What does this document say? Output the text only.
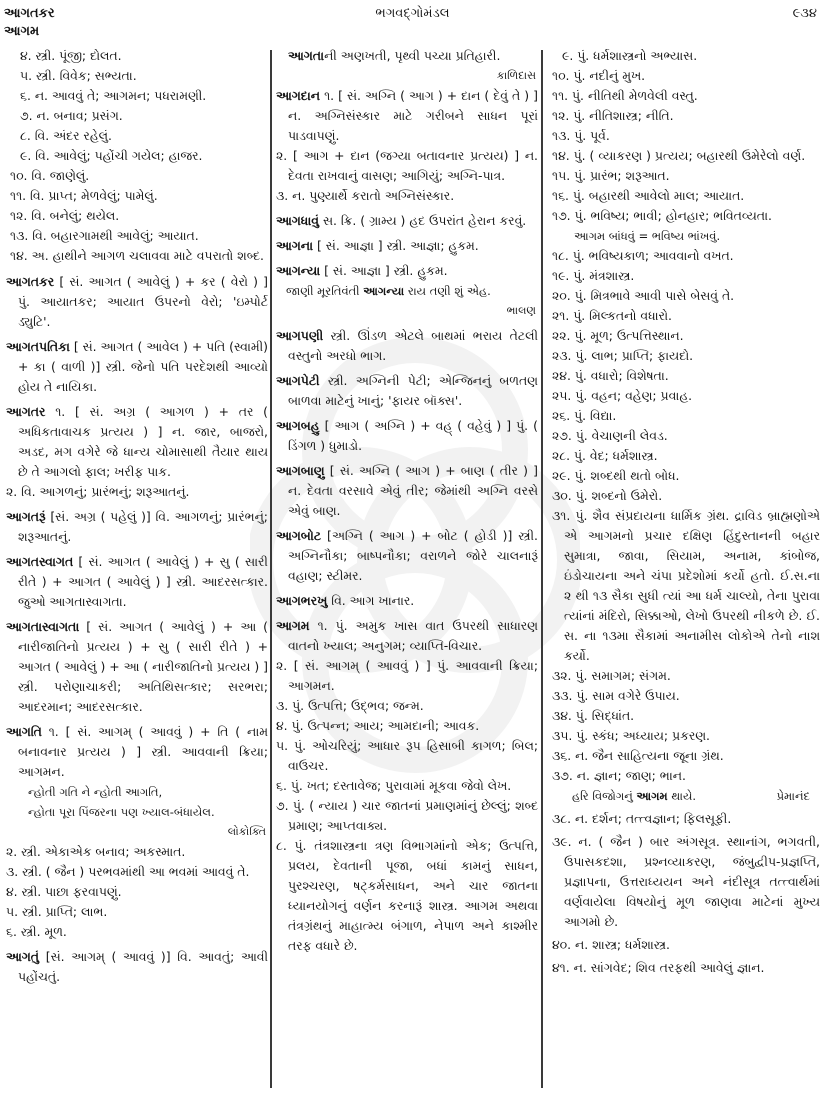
આગતકર	ભગવદ્ગોમંડલ	૯૩૪
આગમ
૪. સ્ત્રી. પૂંજી; દોલત.
૫. સ્ત્રી. વિવેક; સભ્યતા.
૬. ન. આવવું તે; આગમન; પધરામણી.
૭. ન. બનાવ; પ્રસંગ.
૮. વિ. અંદર રહેલું.
૯. વિ. આવેલું; પહોંચી ગયેલ; હાજર.
૧૦. વિ. જાણેલું.
૧૧. વિ. પ્રાપ્ત; મેળવેલું; પામેલું.
૧૨. વિ. બનેલું; થયેલ.
૧૩. વિ. બહારગામથી આવેલું; આયાત.
૧૪. અ. હાથીને આગળ ચલાવવા માટે વપરાતો શબ્દ.
આગતકર [ સં. આગત ( આવેલું ) + કર ( વેરો ) ] પું. આયાતકર; આયાત ઉપરનો વેરો; 'ઇમ્પોર્ટ ડ્યુટિ'.
આગતપતિકા [ સં. આગત ( આવેલ ) + પતિ (સ્વામી) + કા ( વાળી )] સ્ત્રી. જેનો પતિ પરદેશથી આવ્યો હોય તે નાયિકા.
આગતર ૧. [ સં. અગ્ર ( આગળ ) + તર ( અધિકતાવાચક પ્રત્યય ) ] ન. જાર, બાજરો, અડદ, મગ વગેરે જે ધાન્ય ચોમાસાથી તૈયાર થાય છે તે આગલો ફાલ; ખરીફ પાક.
૨. વિ. આગળનું; પ્રારંભનું; શરૂઆતનું.
આગતરૂં [સં. અગ્ર ( પહેલું )] વિ. આગળનું; પ્રારંભનું; શરૂઆતનું.
આગતસ્વાગત [ સં. આગત ( આવેલું ) + સુ ( સારી રીતે ) + આગત ( આવેલું ) ] સ્ત્રી. આદરસત્કાર. જુઓ આગતાસ્વાગતા.
આગતાસ્વાગતા [ સં. આગત ( આવેલું ) + આ ( નારીજાતિનો પ્રત્યય ) + સુ ( સારી રીતે ) + આગત ( આવેલું ) + આ ( નારીજાતિનો પ્રત્યય ) ] સ્ત્રી. પરોણાચાકરી; અતિથિસત્કાર; સરભરા; આદરમાન; આદરસત્કાર.
આગતિ ૧. [ સં. આગમ્ ( આવવું ) + તિ ( નામ બનાવનાર પ્રત્યય ) ] સ્ત્રી. આવવાની ક્રિયા; આગમન.
ન્હોતી ગતિ ને ન્હોતી આગતિ,
ન્હોતા પૂરા પિંજરના પણ ખ્યાલ-બંધાયેલ.
લોકોક્તિ
૨. સ્ત્રી. એકાએક બનાવ; અકસ્માત.
૩. સ્ત્રી. ( જૈન ) પરભવમાંથી આ ભવમાં આવવું તે.
૪. સ્ત્રી. પાછા ફરવાપણું.
૫. સ્ત્રી. પ્રાપ્તિ; લાભ.
૬. સ્ત્રી. મૂળ.
આગતું [સં. આગમ્ ( આવવું )] વિ. આવતું; આવી પહોંચતું.
આગતાની અણખતી, પૃથ્વી પચ્યા પ્રતિહારી.
કાળિદાસ
આગદાન ૧. [ સં. અગ્નિ ( આગ ) + દાન ( દેવું તે ) ] ન. અગ્નિસંસ્કાર માટે ગરીબને સાધન પૂરાં પાડવાપણું.
૨. [ આગ + દાન (જગ્યા બતાવનાર પ્રત્યય) ] ન. દેવતા રાખવાનું વાસણ; આગિયું; અગ્નિ-પાત્ર.
૩. ન. પુણ્યાર્થે કરાતો અગ્નિસંસ્કાર.
આગધાવું સ. ક્રિ. ( ગ્રામ્ય ) હદ ઉપરાંત હેરાન કરવું.
આગના [ સં. આજ્ઞા ] સ્ત્રી. આજ્ઞા; હુકમ.
આગન્યા [ સં. આજ્ઞા ] સ્ત્રી. હુકમ.
જાણી મૂરતિવંતી આગન્યા રાય તણી શું એહ.
ભાલણ
આગપણી સ્ત્રી. ઊંડળ એટલે બાથમાં ભરાય તેટલી વસ્તુનો અરધો ભાગ.
આગપેટી સ્ત્રી. અગ્નિની પેટી; એન્જિનનું બળતણ બાળવા માટેનું ખાનું; 'ફાયર બૉક્સ'.
આગબહુ [ આગ ( અગ્નિ ) + વહ્ ( વહેવું ) ] પું. ( ડિંગળ ) ધુમાડો.
આગબાણુ [ સં. અગ્નિ ( આગ ) + બાણ ( તીર ) ] ન. દેવતા વરસાવે એવું તીર; જેમાંથી અગ્નિ વરસે એવું બાણ.
આગબોટ [અગ્નિ ( આગ ) + બોટ ( હોડી )] સ્ત્રી. અગ્નિનૌકા; બાષ્પનૌકા; વરાળને જોરે ચાલનારૂં વહાણ; સ્ટીમર.
આગભરખુ વિ. આગ ખાનાર.
આગમ ૧. પું. અમુક ખાસ વાત ઉપરથી સાધારણ વાતનો ખ્યાલ; અનુગમ; વ્યાપ્તિ-વિચાર.
૨. [ સં. આગમ્ ( આવવું ) ] પું. આવવાની ક્રિયા; આગમન.
૩. પું. ઉત્પત્તિ; ઉદ્ભવ; જન્મ.
૪. પું. ઉત્પન્ન; આય; આમદાની; આવક.
૫. પું. ઓચરિયું; આધાર રૂપ હિસાબી કાગળ; બિલ; વાઉચર.
૬. પું. ખત; દસ્તાવેજ; પુરાવામાં મૂકવા જેવો લેખ.
૭. પું. ( ન્યાય ) ચાર જાતનાં પ્રમાણમાંનું છેલ્લું; શબ્દ પ્રમાણ; આપ્તવાક્ય.
૮. પું. તંત્રશાસ્ત્રના ત્રણ વિભાગમાંનો એક; ઉત્પત્તિ, પ્રલય, દેવતાની પૂજા, બધાં કામનું સાધન, પુરશ્ચરણ, ષટ્કર્મસાધન, અને ચાર જાતના ધ્યાનયોગનું વર્ણન કરનારૂં શાસ્ત્ર. આગમ અથવા તંત્રગ્રંથનું માહાત્મ્ય બંગાળ, નેપાળ અને કાશ્મીર તરફ વધારે છે.
૯. પું. ધર્મશાસ્ત્રનો અભ્યાસ.
૧૦. પું. નદીનું મુખ.
૧૧. પું. નીતિથી મેળવેલી વસ્તુ.
૧૨. પું. નીતિશાસ્ત્ર; નીતિ.
૧૩. પું. પૂર્વ.
૧૪. પું. ( વ્યાકરણ ) પ્રત્યય; બહારથી ઉમેરેલો વર્ણ.
૧૫. પું. પ્રારંભ; શરૂઆત.
૧૬. પું. બહારથી આવેલો માલ; આયાત.
૧૭. પું. ભવિષ્ય; ભાવી; હોનહાર; ભવિતવ્યતા.
આગમ બાંધવું = ભવિષ્ય ભાંખવું.
૧૮. પું. ભવિષ્યકાળ; આવવાનો વખત.
૧૯. પું. મંત્રશાસ્ત્ર.
૨૦. પું. મિત્રભાવે આવી પાસે બેસવું તે.
૨૧. પું. મિલ્કતનો વધારો.
૨૨. પું. મૂળ; ઉત્પત્તિસ્થાન.
૨૩. પું. લાભ; પ્રાપ્તિ; ફાયદો.
૨૪. પું. વધારો; વિશેષતા.
૨૫. પું. વહન; વહેણ; પ્રવાહ.
૨૬. પું. વિદ્યા.
૨૭. પું. વેચાણની લેવડ.
૨૮. પું. વેદ; ધર્મશાસ્ત્ર.
૨૯. પું. શબ્દથી થતો બોધ.
૩૦. પું. શબ્દનો ઉમેરો.
૩૧. પું. શૈવ સંપ્રદાયના ધાર્મિક ગ્રંથ. દ્રાવિડ બ્રાહ્મણોએ એ આગમનો પ્રચાર દક્ષિણ હિંદુસ્તાનની બહાર સુમાત્રા, જાવા, સિયામ, અનામ, કાંબોજ, ઇંડોચાયના અને ચંપા પ્રદેશોમાં કર્યો હતો. ઈ.સ.ના ૨ થી ૧૩ સૈકા સુધી ત્યાં આ ધર્મ ચાલ્યો, તેના પુરાવા ત્યાંનાં મંદિરો, સિક્કાઓ, લેખો ઉપરથી નીકળે છે. ઈ. સ. ના ૧૩મા સૈકામાં અનામીસ લોકોએ તેનો નાશ કર્યો.
૩૨. પું. સમાગમ; સંગમ.
૩૩. પું. સામ વગેરે ઉપાય.
૩૪. પું. સિદ્ધાંત.
૩૫. પું. સ્કંધ; અધ્યાય; પ્રકરણ.
૩૬. ન. જૈન સાહિત્યના જૂના ગ્રંથ.
૩૭. ન. જ્ઞાન; જાણ; ભાન.
હરિ વિજોગનું આગમ થાયે.	પ્રેમાનંદ
૩૮. ન. દર્શન; તત્ત્વજ્ઞાન; ફિલસૂફી.
૩૯. ન. ( જૈન ) બાર અંગસૂત્ર. સ્થાનાંગ, ભગવતી, ઉપાસકદશા, પ્રશ્નવ્યાકરણ, જંબુદ્વીપ-પ્રજ્ઞપ્તિ, પ્રજ્ઞાપના, ઉત્તરાધ્યયન અને નંદીસૂત્ર તત્ત્વાર્થમાં વર્ણવાયેલા વિષયોનું મૂળ જાણવા માટેનાં મુખ્ય આગમો છે.
૪૦. ન. શાસ્ત્ર; ધર્મશાસ્ત્ર.
૪૧. ન. સાંગવેદ; શિવ તરફથી આવેલું જ્ઞાન.
